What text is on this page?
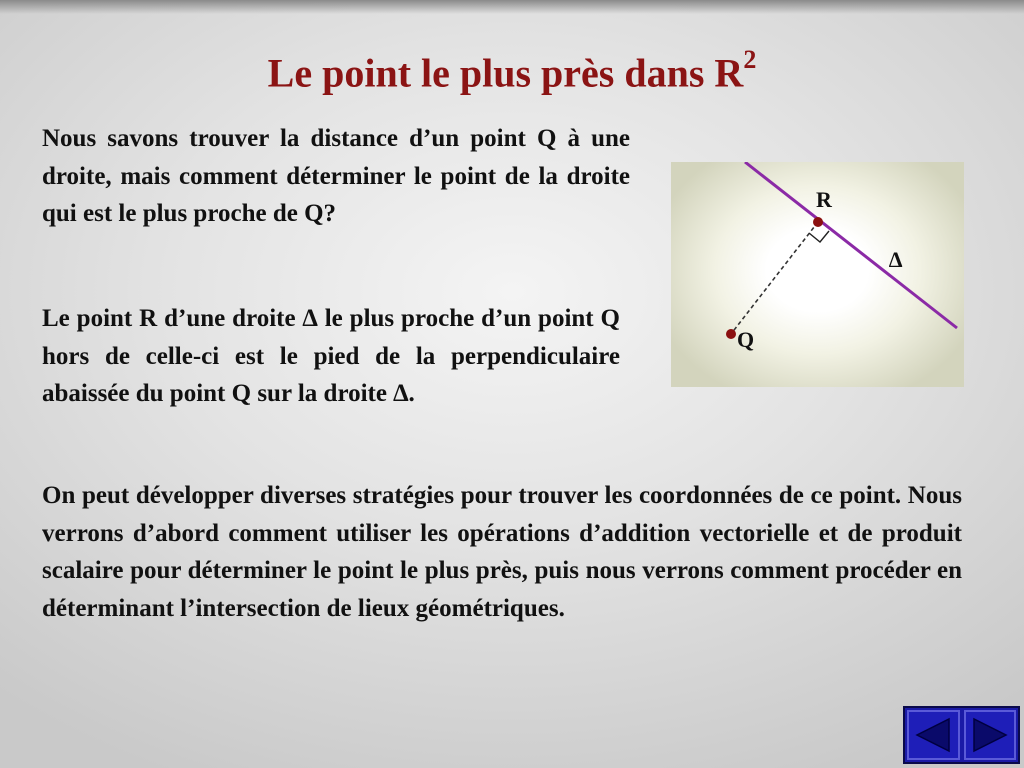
Le point le plus près dans $R^2$

Nous savons trouver la distance d’un point Q à une droite, mais comment déterminer le point de la droite qui est le plus proche de Q?

Le point R d’une droite ∆ le plus proche d’un point Q hors de celle-ci est le pied de la perpendiculaire abaissée du point Q sur la droite ∆.

On peut développer diverses stratégies pour trouver les coordonnées de ce point. Nous verrons d’abord comment utiliser les opérations d’addition vectorielle et de produit scalaire pour déterminer le point le plus près, puis nous verrons comment procéder en déterminant l’intersection de lieux géométriques.

R
Q
∆
